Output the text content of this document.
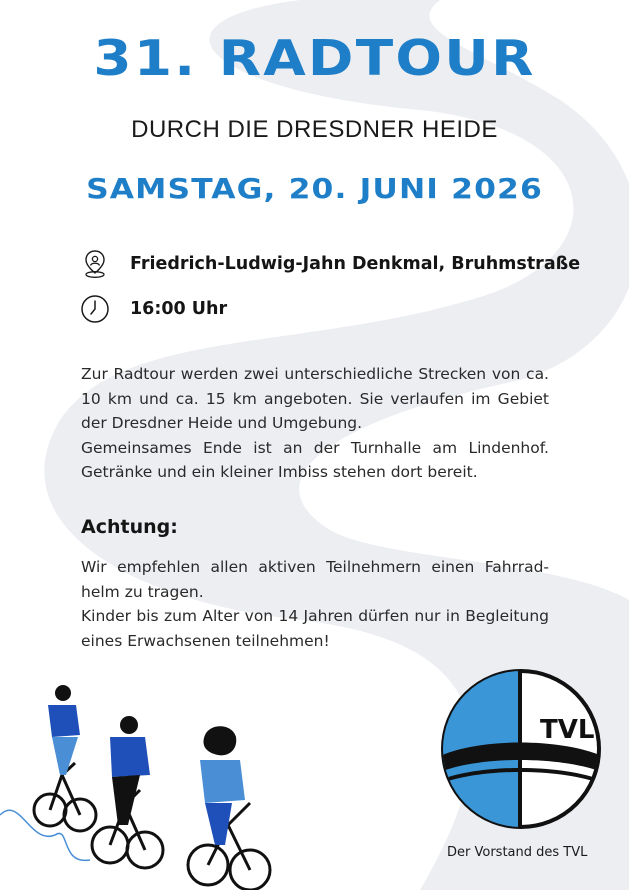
31. RADTOUR
DURCH DIE DRESDNER HEIDE
SAMSTAG, 20. JUNI 2026
Friedrich-Ludwig-Jahn Denkmal, Bruhmstraße
16:00 Uhr

Zur Radtour werden zwei unterschiedliche Strecken von ca. 10 km und ca. 15 km angeboten. Sie verlaufen im Gebiet der Dresdner Heide und Umgebung.

Gemeinsames Ende ist an der Turnhalle am Lindenhof. Getränke und ein kleiner Imbiss stehen dort bereit.

Achtung:

Wir empfehlen allen aktiven Teilnehmern einen Fahrrad-helm zu tragen.

Kinder bis zum Alter von 14 Jahren dürfen nur in Begleitung eines Erwachsenen teilnehmen!

TVL
Der Vorstand des TVL
